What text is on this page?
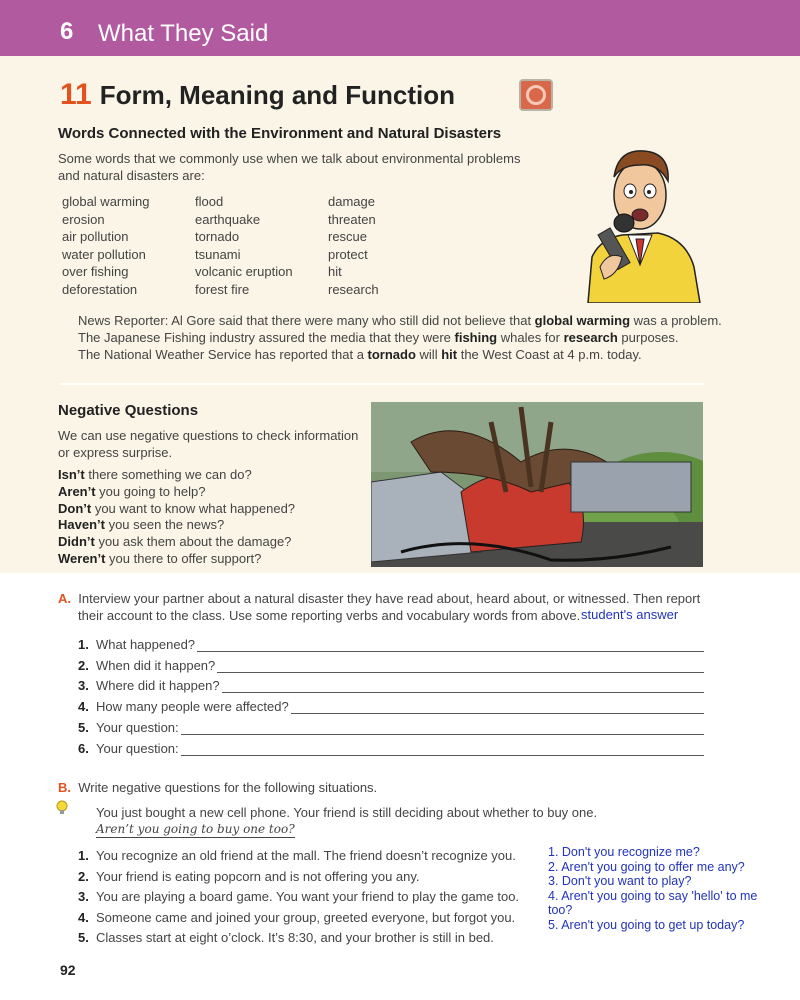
6 What They Said
11 Form, Meaning and Function
Words Connected with the Environment and Natural Disasters
Some words that we commonly use when we talk about environmental problems
and natural disasters are:
global warming
erosion
air pollution
water pollution
over fishing
deforestation
flood
earthquake
tornado
tsunami
volcanic eruption
forest fire
damage
threaten
rescue
protect
hit
research
News Reporter: Al Gore said that there were many who still did not believe that global warming was a problem.
The Japanese Fishing industry assured the media that they were fishing whales for research purposes.
The National Weather Service has reported that a tornado will hit the West Coast at 4 p.m. today.
Negative Questions
We can use negative questions to check information
or express surprise.
Isn’t there something we can do?
Aren’t you going to help?
Don’t you want to know what happened?
Haven’t you seen the news?
Didn’t you ask them about the damage?
Weren’t you there to offer support?
A. Interview your partner about a natural disaster they have read about, heard about, or witnessed. Then report
their account to the class. Use some reporting verbs and vocabulary words from above. student's answer
1. What happened?
2. When did it happen?
3. Where did it happen?
4. How many people were affected?
5. Your question:
6. Your question:
B. Write negative questions for the following situations.
You just bought a new cell phone. Your friend is still deciding about whether to buy one.
Aren’t you going to buy one too?
1. You recognize an old friend at the mall. The friend doesn’t recognize you.
2. Your friend is eating popcorn and is not offering you any.
3. You are playing a board game. You want your friend to play the game too.
4. Someone came and joined your group, greeted everyone, but forgot you.
5. Classes start at eight o’clock. It’s 8:30, and your brother is still in bed.
1. Don't you recognize me?
2. Aren't you going to offer me any?
3. Don't you want to play?
4. Aren't you going to say 'hello' to me
too?
5. Aren't you going to get up today?
92
